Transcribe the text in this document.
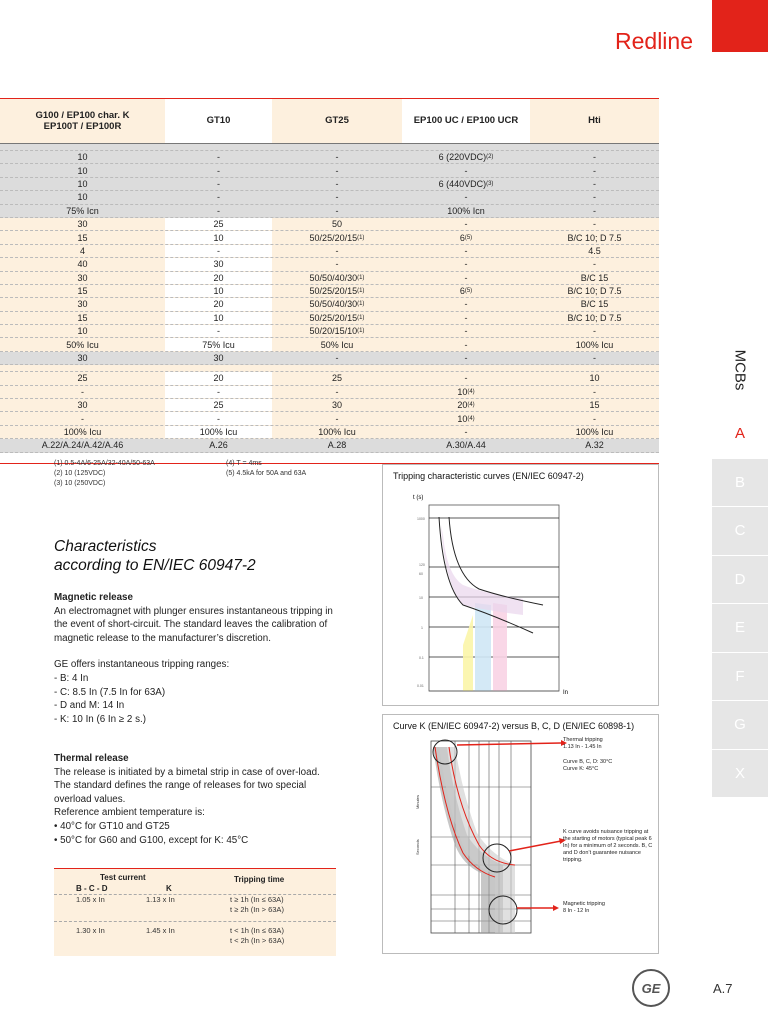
Redline
G100 / EP100 char. K
EP100T / EP100R
GT10	GT25	EP100 UC / EP100 UCR	Hti
10	-	-	6 (220VDC) (2)	-
10	-	-	-	-
10	-	-	6 (440VDC) (3)	-
10	-	-	-	-
75% Icn	-	-	100% Icn	-
30	25	50	-	-
15	10	50/25/20/15 (1)	6 (5)	B/C 10; D 7.5
4	-	-	-	4.5
40	30	-	-	-
30	20	50/50/40/30 (1)	-	B/C 15
15	10	50/25/20/15 (1)	6 (5)	B/C 10; D 7.5
30	20	50/50/40/30 (1)	-	B/C 15
15	10	50/25/20/15 (1)	-	B/C 10; D 7.5
10	-	50/20/15/10 (1)	-	-
50% Icu	75% Icu	50% Icu	-	100% Icu
30	30	-	-	-
25	20	25	-	10
-	-	-	10 (4)	-
30	25	30	20 (4)	15
-	-	-	10 (4)	-
100% Icu	100% Icu	100% Icu	-	100% Icu
A.22/A.24/A.42/A.46	A.26	A.28	A.30/A.44	A.32
(1) 0.5-4A/6-25A/32-40A/50-63A
(2) 10 (125VDC)
(3) 10 (250VDC)
(4) T = 4ms
(5) 4.5kA for 50A and 63A
Characteristics
according to EN/IEC 60947-2
Magnetic release
An electromagnet with plunger ensures instantaneous tripping in the event of short-circuit. The standard leaves the calibration of magnetic release to the manufacturer’s discretion.
GE offers instantaneous tripping ranges:
- B: 4 In
- C: 8.5 In (7.5 In for 63A)
- D and M: 14 In
- K: 10 In (6 In ≥ 2 s.)
Thermal release
The release is initiated by a bimetal strip in case of over-load. The standard defines the range of releases for two special overload values.
Reference ambient temperature is:
• 40°C for GT10 and GT25
• 50°C for G60 and G100, except for K: 45°C
Test current
B - C - D	K
Tripping time
1.05 x In	1.13 x In	t ≥ 1h (In ≤ 63A)
t ≥ 2h (In > 63A)
1.30 x In	1.45 x In	t < 1h (In ≤ 63A)
t < 2h (In > 63A)
Tripping characteristic curves (EN/IEC 60947-2)
t (s)
1000
120
60
10
1
0.1
0.01
In
Curve K (EN/IEC 60947-2) versus B, C, D (EN/IEC 60898-1)
Minutes
Seconds
Thermal tripping
1.13 In - 1.45 In
Curve B, C, D: 30°C
Curve K: 45°C
K curve avoids nuisance tripping at the starting of motors (typical peak 6 In) for a minimum of 2 seconds. B, C and D don’t guarantee nuisance tripping.
Magnetic tripping
8 In - 12 In
MCBs
A
B
C
D
E
F
G
X
GE	A.7
